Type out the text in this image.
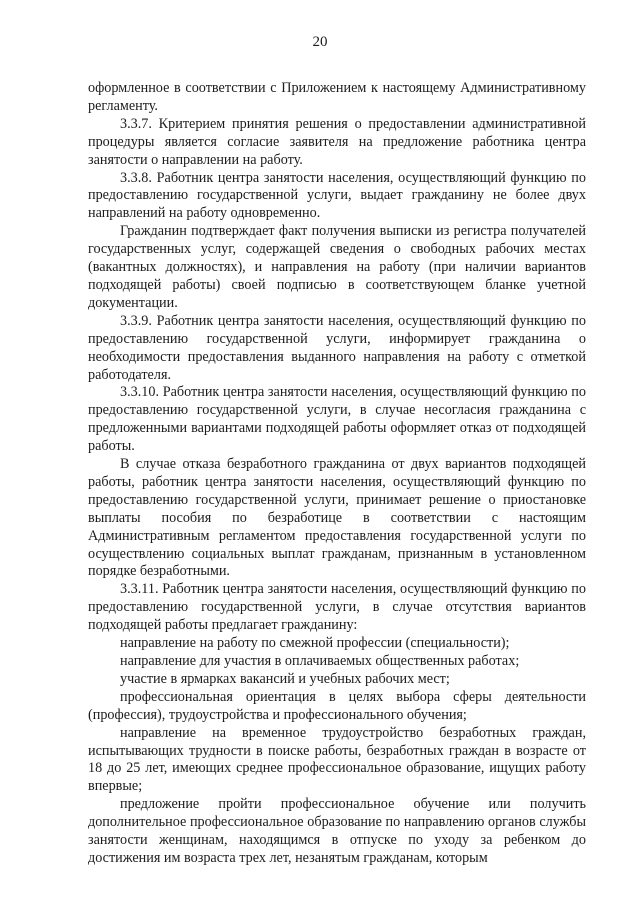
20

оформленное в соответствии с Приложением к настоящему Административному регламенту.

3.3.7. Критерием принятия решения о предоставлении административной процедуры является согласие заявителя на предложение работника центра занятости о направлении на работу.

3.3.8. Работник центра занятости населения, осуществляющий функцию по предоставлению государственной услуги, выдает гражданину не более двух направлений на работу одновременно.

Гражданин подтверждает факт получения выписки из регистра получателей государственных услуг, содержащей сведения о свободных рабочих местах (вакантных должностях), и направления на работу (при наличии вариантов подходящей работы) своей подписью в соответствующем бланке учетной документации.

3.3.9. Работник центра занятости населения, осуществляющий функцию по предоставлению государственной услуги, информирует гражданина о необходимости предоставления выданного направления на работу с отметкой работодателя.

3.3.10. Работник центра занятости населения, осуществляющий функцию по предоставлению государственной услуги, в случае несогласия гражданина с предложенными вариантами подходящей работы оформляет отказ от подходящей работы.

В случае отказа безработного гражданина от двух вариантов подходящей работы, работник центра занятости населения, осуществляющий функцию по предоставлению государственной услуги, принимает решение о приостановке выплаты пособия по безработице в соответствии с настоящим Административным регламентом предоставления государственной услуги по осуществлению социальных выплат гражданам, признанным в установленном порядке безработными.

3.3.11. Работник центра занятости населения, осуществляющий функцию по предоставлению государственной услуги, в случае отсутствия вариантов подходящей работы предлагает гражданину:

направление на работу по смежной профессии (специальности);

направление для участия в оплачиваемых общественных работах;

участие в ярмарках вакансий и учебных рабочих мест;

профессиональная ориентация в целях выбора сферы деятельности (профессия), трудоустройства и профессионального обучения;

направление на временное трудоустройство безработных граждан, испытывающих трудности в поиске работы, безработных граждан в возрасте от 18 до 25 лет, имеющих среднее профессиональное образование, ищущих работу впервые;

предложение пройти профессиональное обучение или получить дополнительное профессиональное образование по направлению органов службы занятости женщинам, находящимся в отпуске по уходу за ребенком до достижения им возраста трех лет, незанятым гражданам, которым
